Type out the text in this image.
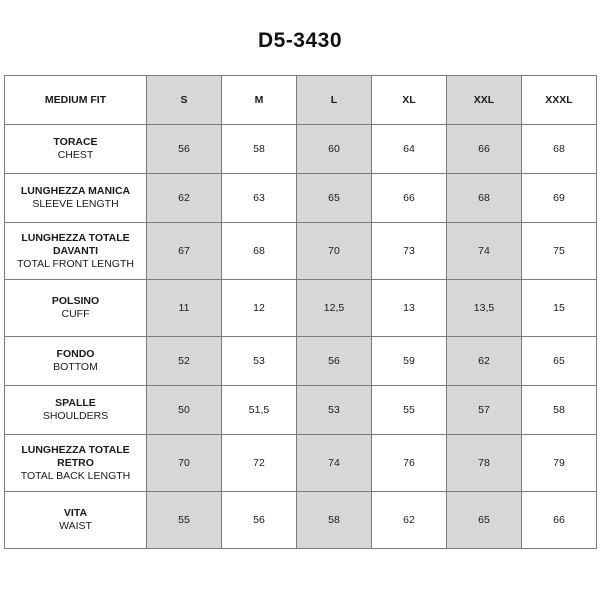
D5-3430
MEDIUM FIT	S	M	L	XL	XXL	XXXL

TORACE
CHEST	56	58	60	64	66	68

LUNGHEZZA MANICA
SLEEVE LENGTH	62	63	65	66	68	69

LUNGHEZZA TOTALE DAVANTI
TOTAL FRONT LENGTH	67	68	70	73	74	75

POLSINO
CUFF	11	12	12,5	13	13,5	15

FONDO
BOTTOM	52	53	56	59	62	65

SPALLE
SHOULDERS	50	51,5	53	55	57	58

LUNGHEZZA TOTALE RETRO
TOTAL BACK LENGTH	70	72	74	76	78	79

VITA
WAIST	55	56	58	62	65	66
